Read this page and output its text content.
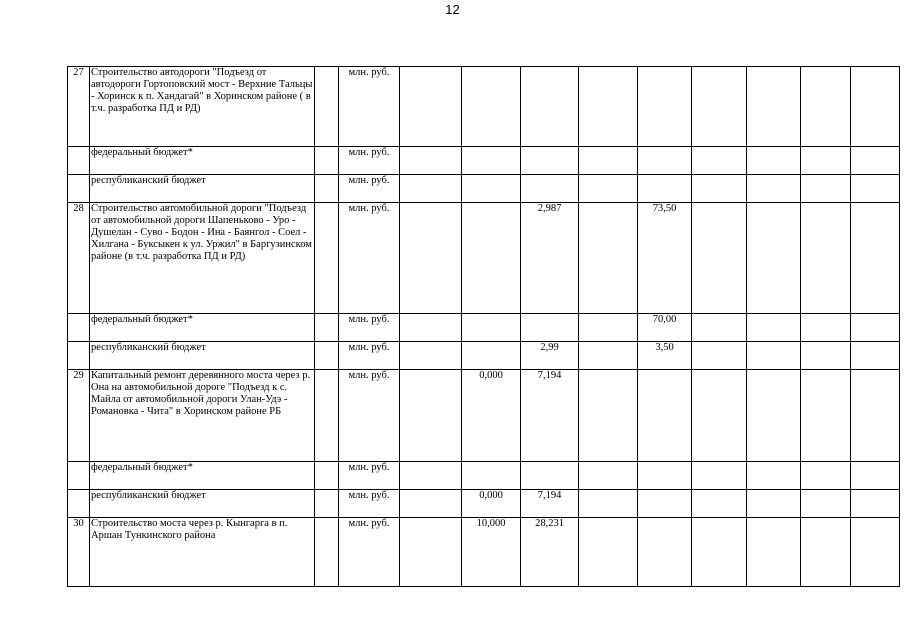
12
27	Строительство автодороги "Подъезд от автодороги Гортоповский мост - Верхние Тальцы - Хоринск к п. Хандагай" в Хоринском районе ( в т.ч. разработка ПД и РД)		млн. руб.									
	федеральный бюджет*		млн. руб.									
	республиканский бюджет		млн. руб.									
28	Строительство автомобильной дороги "Подъезд от автомобильной дороги Шапеньково - Уро - Душелан - Суво - Бодон - Ина - Баянгол - Соел - Хилгана - Буксыкен к ул. Уржил" в Баргузинском районе (в т.ч. разработка ПД и РД)		млн. руб.			2,987		73,50				
	федеральный бюджет*		млн. руб.					70,00				
	республиканский бюджет		млн. руб.			2,99		3,50				
29	Капитальный ремонт деревянного моста через р. Она на автомобильной дороге "Подъезд к с. Майла от автомобильной дороги Улан-Удэ - Романовка - Чита" в Хоринском районе РБ		млн. руб.		0,000	7,194						
	федеральный бюджет*		млн. руб.									
	республиканский бюджет		млн. руб.		0,000	7,194						
30	Строительство моста через р. Кынгарга в п. Аршан Тункинского района		млн. руб.		10,000	28,231						
